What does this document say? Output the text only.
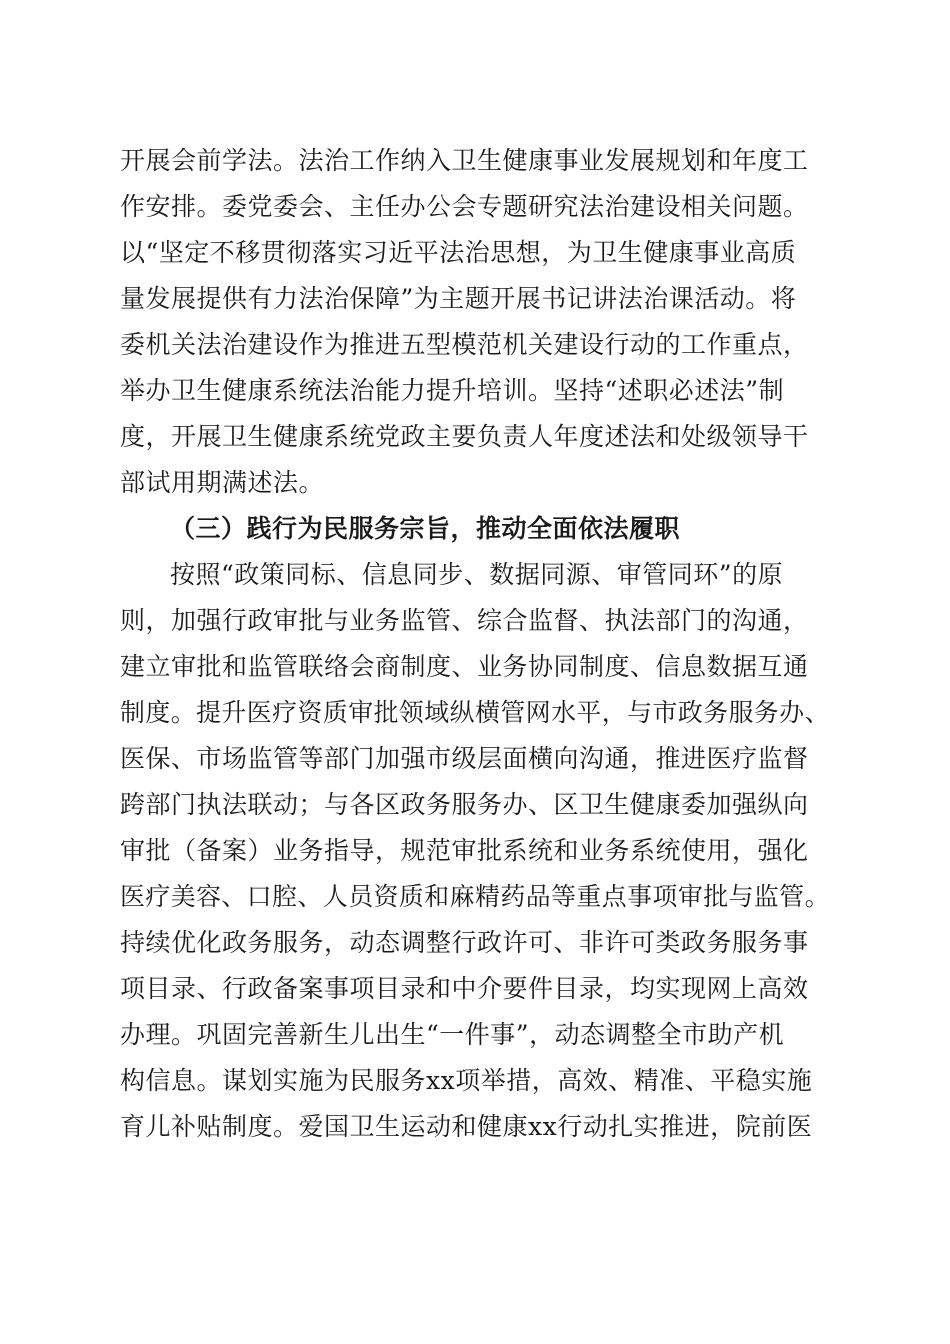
开展会前学法。法治工作纳入卫生健康事业发展规划和年度工
作安排。委党委会、主任办公会专题研究法治建设相关问题。
以“坚定不移贯彻落实习近平法治思想，为卫生健康事业高质
量发展提供有力法治保障”为主题开展书记讲法治课活动。将
委机关法治建设作为推进五型模范机关建设行动的工作重点，
举办卫生健康系统法治能力提升培训。坚持“述职必述法”制
度，开展卫生健康系统党政主要负责人年度述法和处级领导干
部试用期满述法。
（三）践行为民服务宗旨，推动全面依法履职
按照“政策同标、信息同步、数据同源、审管同环”的原
则，加强行政审批与业务监管、综合监督、执法部门的沟通，
建立审批和监管联络会商制度、业务协同制度、信息数据互通
制度。提升医疗资质审批领域纵横管网水平，与市政务服务办、
医保、市场监管等部门加强市级层面横向沟通，推进医疗监督
跨部门执法联动；与各区政务服务办、区卫生健康委加强纵向
审批（备案）业务指导，规范审批系统和业务系统使用，强化
医疗美容、口腔、人员资质和麻精药品等重点事项审批与监管。
持续优化政务服务，动态调整行政许可、非许可类政务服务事
项目录、行政备案事项目录和中介要件目录，均实现网上高效
办理。巩固完善新生儿出生“一件事”，动态调整全市助产机
构信息。谋划实施为民服务xx项举措，高效、精准、平稳实施
育儿补贴制度。爱国卫生运动和健康xx行动扎实推进，院前医
